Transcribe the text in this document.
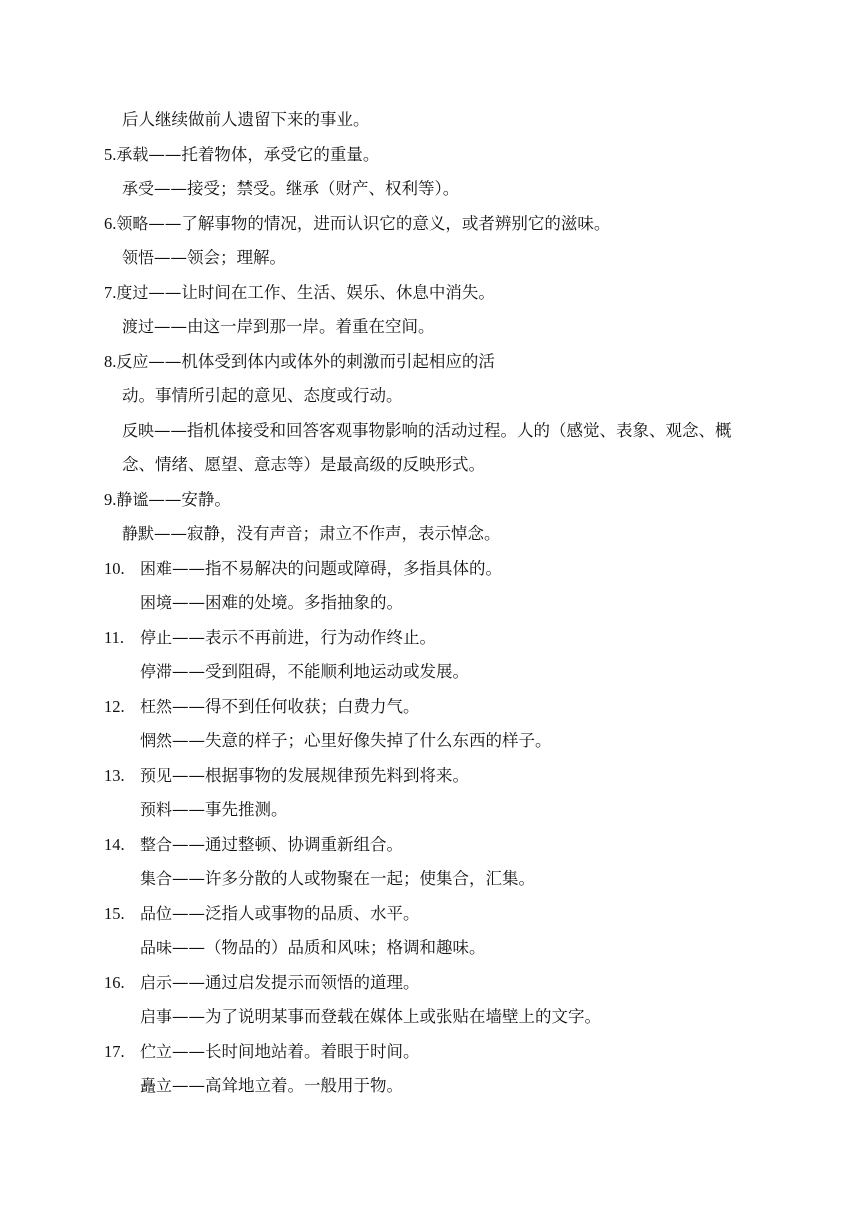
后人继续做前人遗留下来的事业。
5.承载——托着物体，承受它的重量。
承受——接受；禁受。继承（财产、权利等）。
6.领略——了解事物的情况，进而认识它的意义，或者辨别它的滋味。
领悟——领会；理解。
7.度过——让时间在工作、生活、娱乐、休息中消失。
渡过——由这一岸到那一岸。着重在空间。
8.反应——机体受到体内或体外的刺激而引起相应的活
动。事情所引起的意见、态度或行动。
反映——指机体接受和回答客观事物影响的活动过程。人的（感觉、表象、观念、概
念、情绪、愿望、意志等）是最高级的反映形式。
9.静谧——安静。
静默——寂静，没有声音；肃立不作声，表示悼念。
10. 困难——指不易解决的问题或障碍，多指具体的。
困境——困难的处境。多指抽象的。
11. 停止——表示不再前进，行为动作终止。
停滞——受到阻碍，不能顺利地运动或发展。
12. 枉然——得不到任何收获；白费力气。
惘然——失意的样子；心里好像失掉了什么东西的样子。
13. 预见——根据事物的发展规律预先料到将来。
预料——事先推测。
14. 整合——通过整顿、协调重新组合。
集合——许多分散的人或物聚在一起；使集合，汇集。
15. 品位——泛指人或事物的品质、水平。
品味——（物品的）品质和风味；格调和趣味。
16. 启示——通过启发提示而领悟的道理。
启事——为了说明某事而登载在媒体上或张贴在墙壁上的文字。
17. 伫立——长时间地站着。着眼于时间。
矗立——高耸地立着。一般用于物。
